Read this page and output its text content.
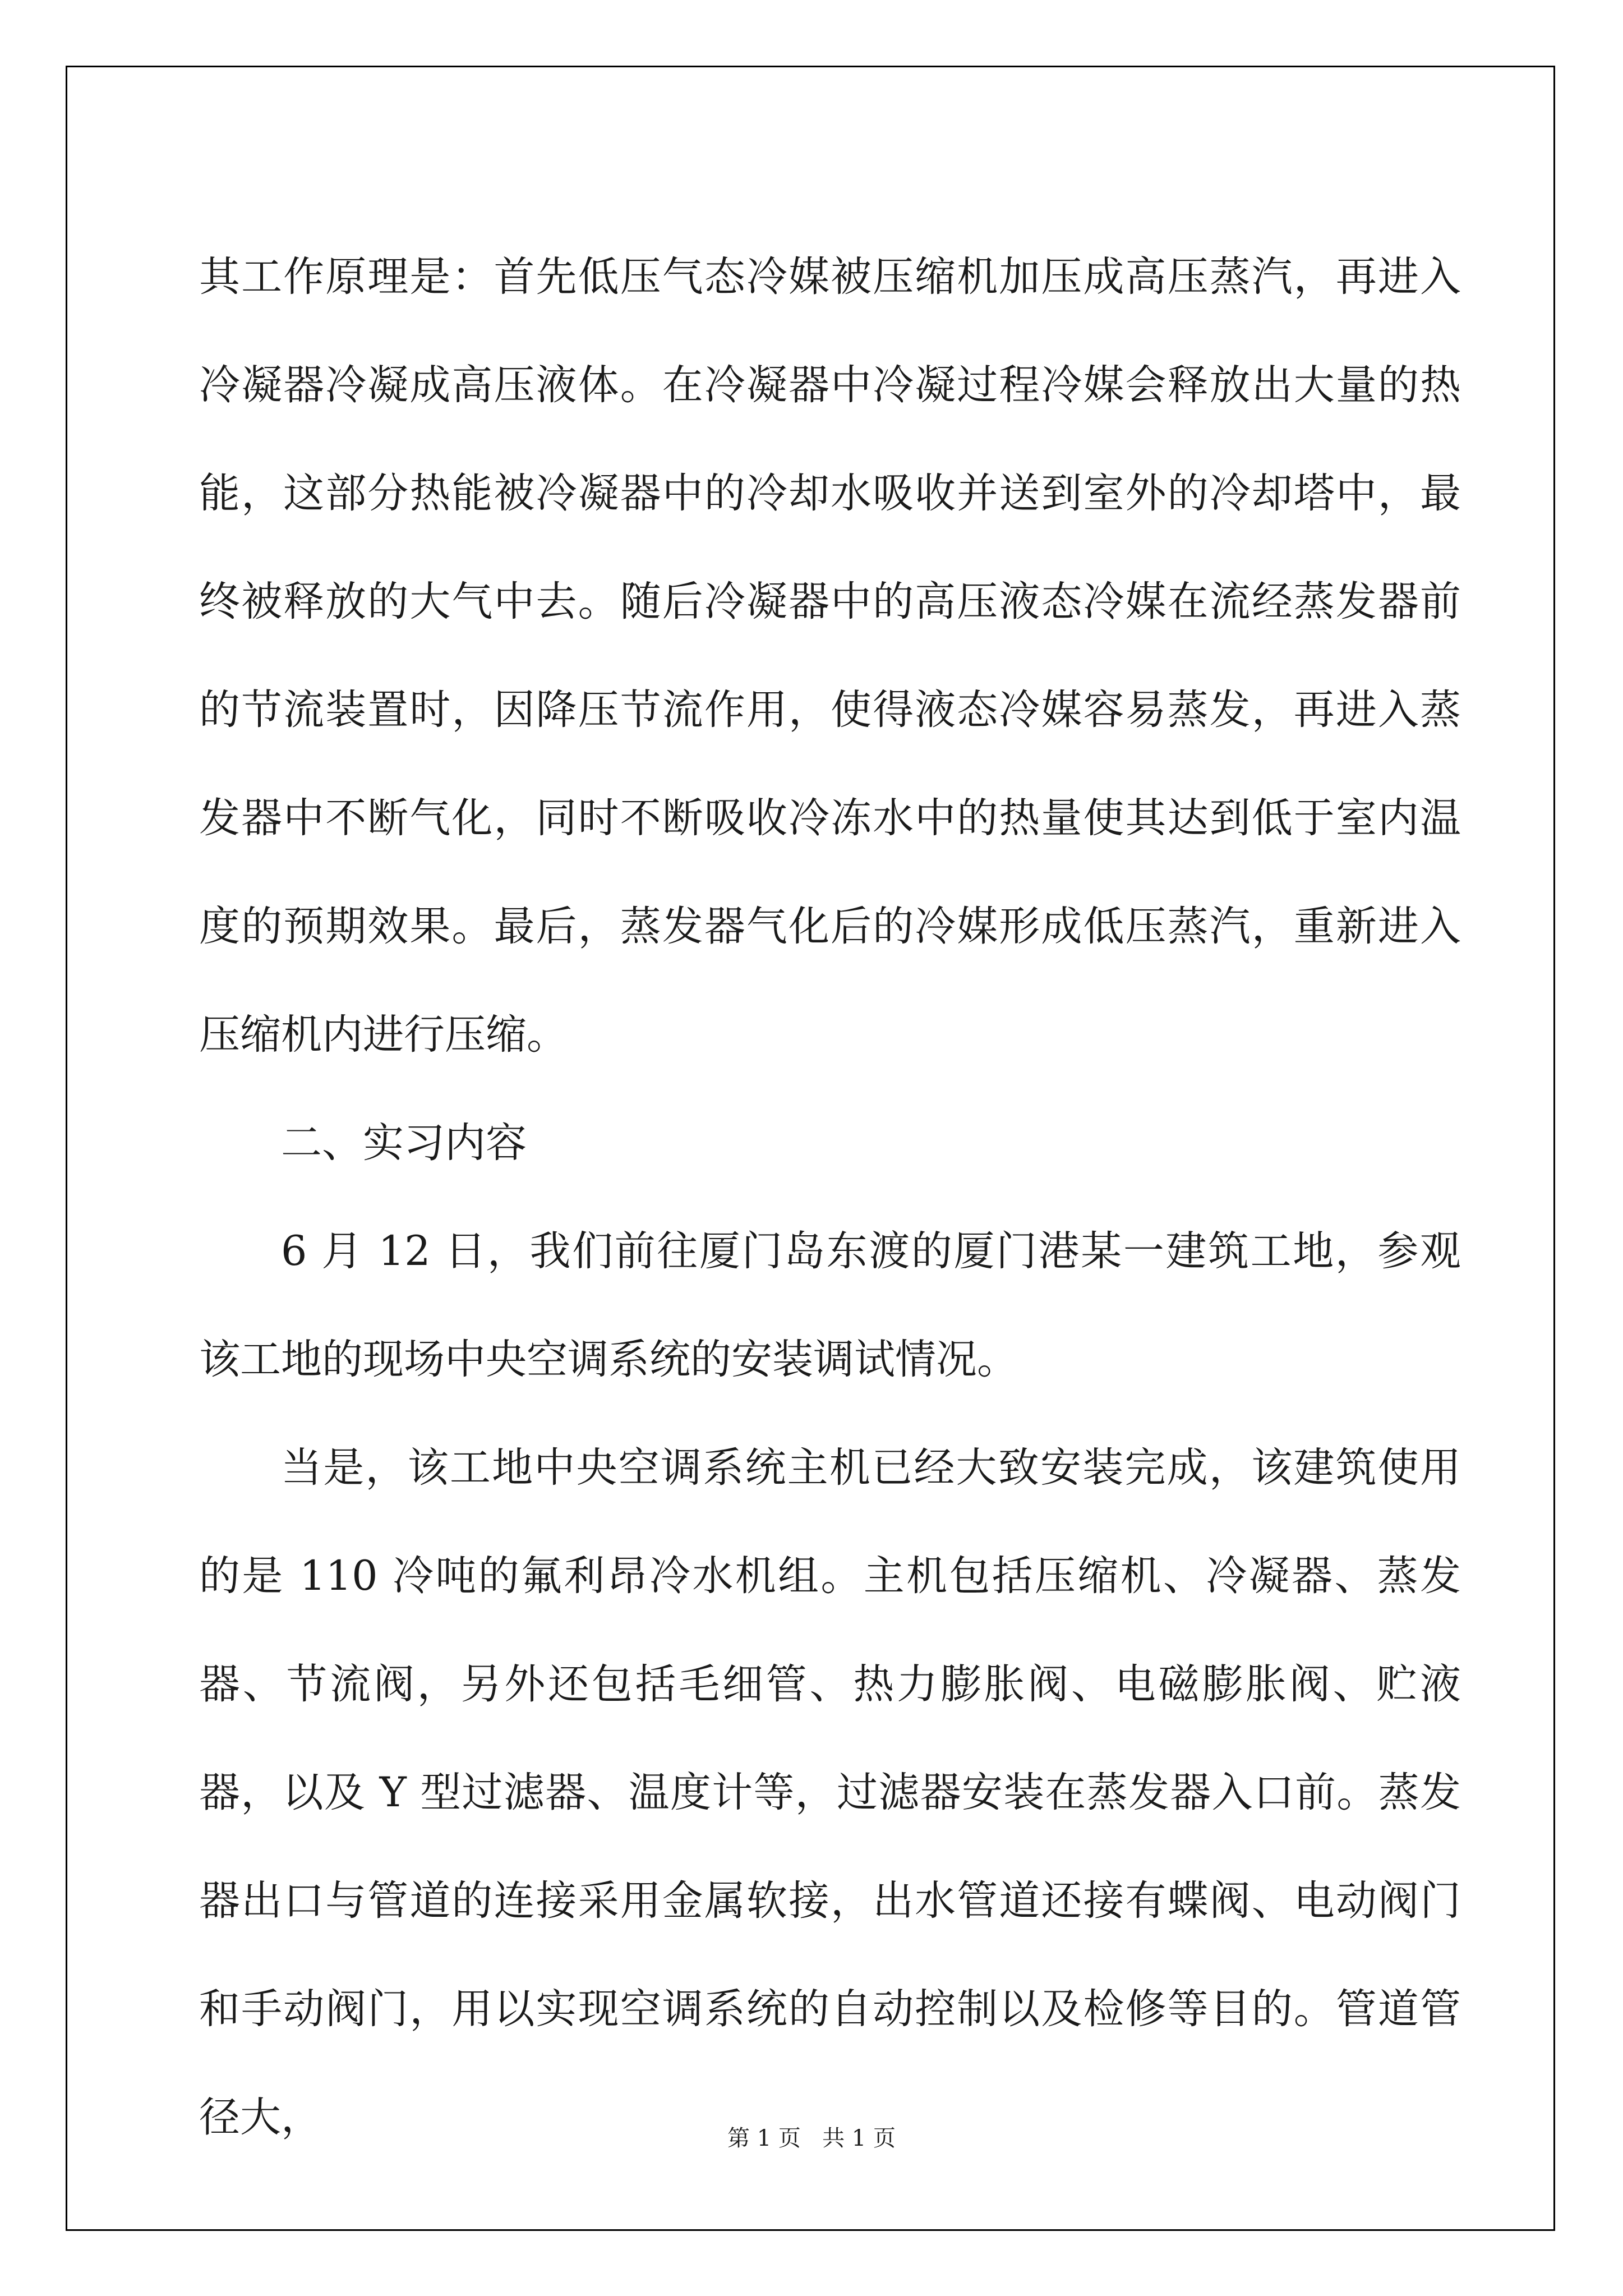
其工作原理是：首先低压气态冷媒被压缩机加压成高压蒸汽，再进入冷凝器冷凝成高压液体。在冷凝器中冷凝过程冷媒会释放出大量的热能，这部分热能被冷凝器中的冷却水吸收并送到室外的冷却塔中，最终被释放的大气中去。随后冷凝器中的高压液态冷媒在流经蒸发器前的节流装置时，因降压节流作用，使得液态冷媒容易蒸发，再进入蒸发器中不断气化，同时不断吸收冷冻水中的热量使其达到低于室内温度的预期效果。最后，蒸发器气化后的冷媒形成低压蒸汽，重新进入压缩机内进行压缩。

二、实习内容

6 月 12 日，我们前往厦门岛东渡的厦门港某一建筑工地，参观该工地的现场中央空调系统的安装调试情况。

当是，该工地中央空调系统主机已经大致安装完成，该建筑使用的是 110 冷吨的氟利昂冷水机组。主机包括压缩机、冷凝器、蒸发器、节流阀，另外还包括毛细管、热力膨胀阀、电磁膨胀阀、贮液器，以及 Y 型过滤器、温度计等，过滤器安装在蒸发器入口前。蒸发器出口与管道的连接采用金属软接，出水管道还接有蝶阀、电动阀门和手动阀门，用以实现空调系统的自动控制以及检修等目的。管道管径大，	第 1 页   共 1 页
